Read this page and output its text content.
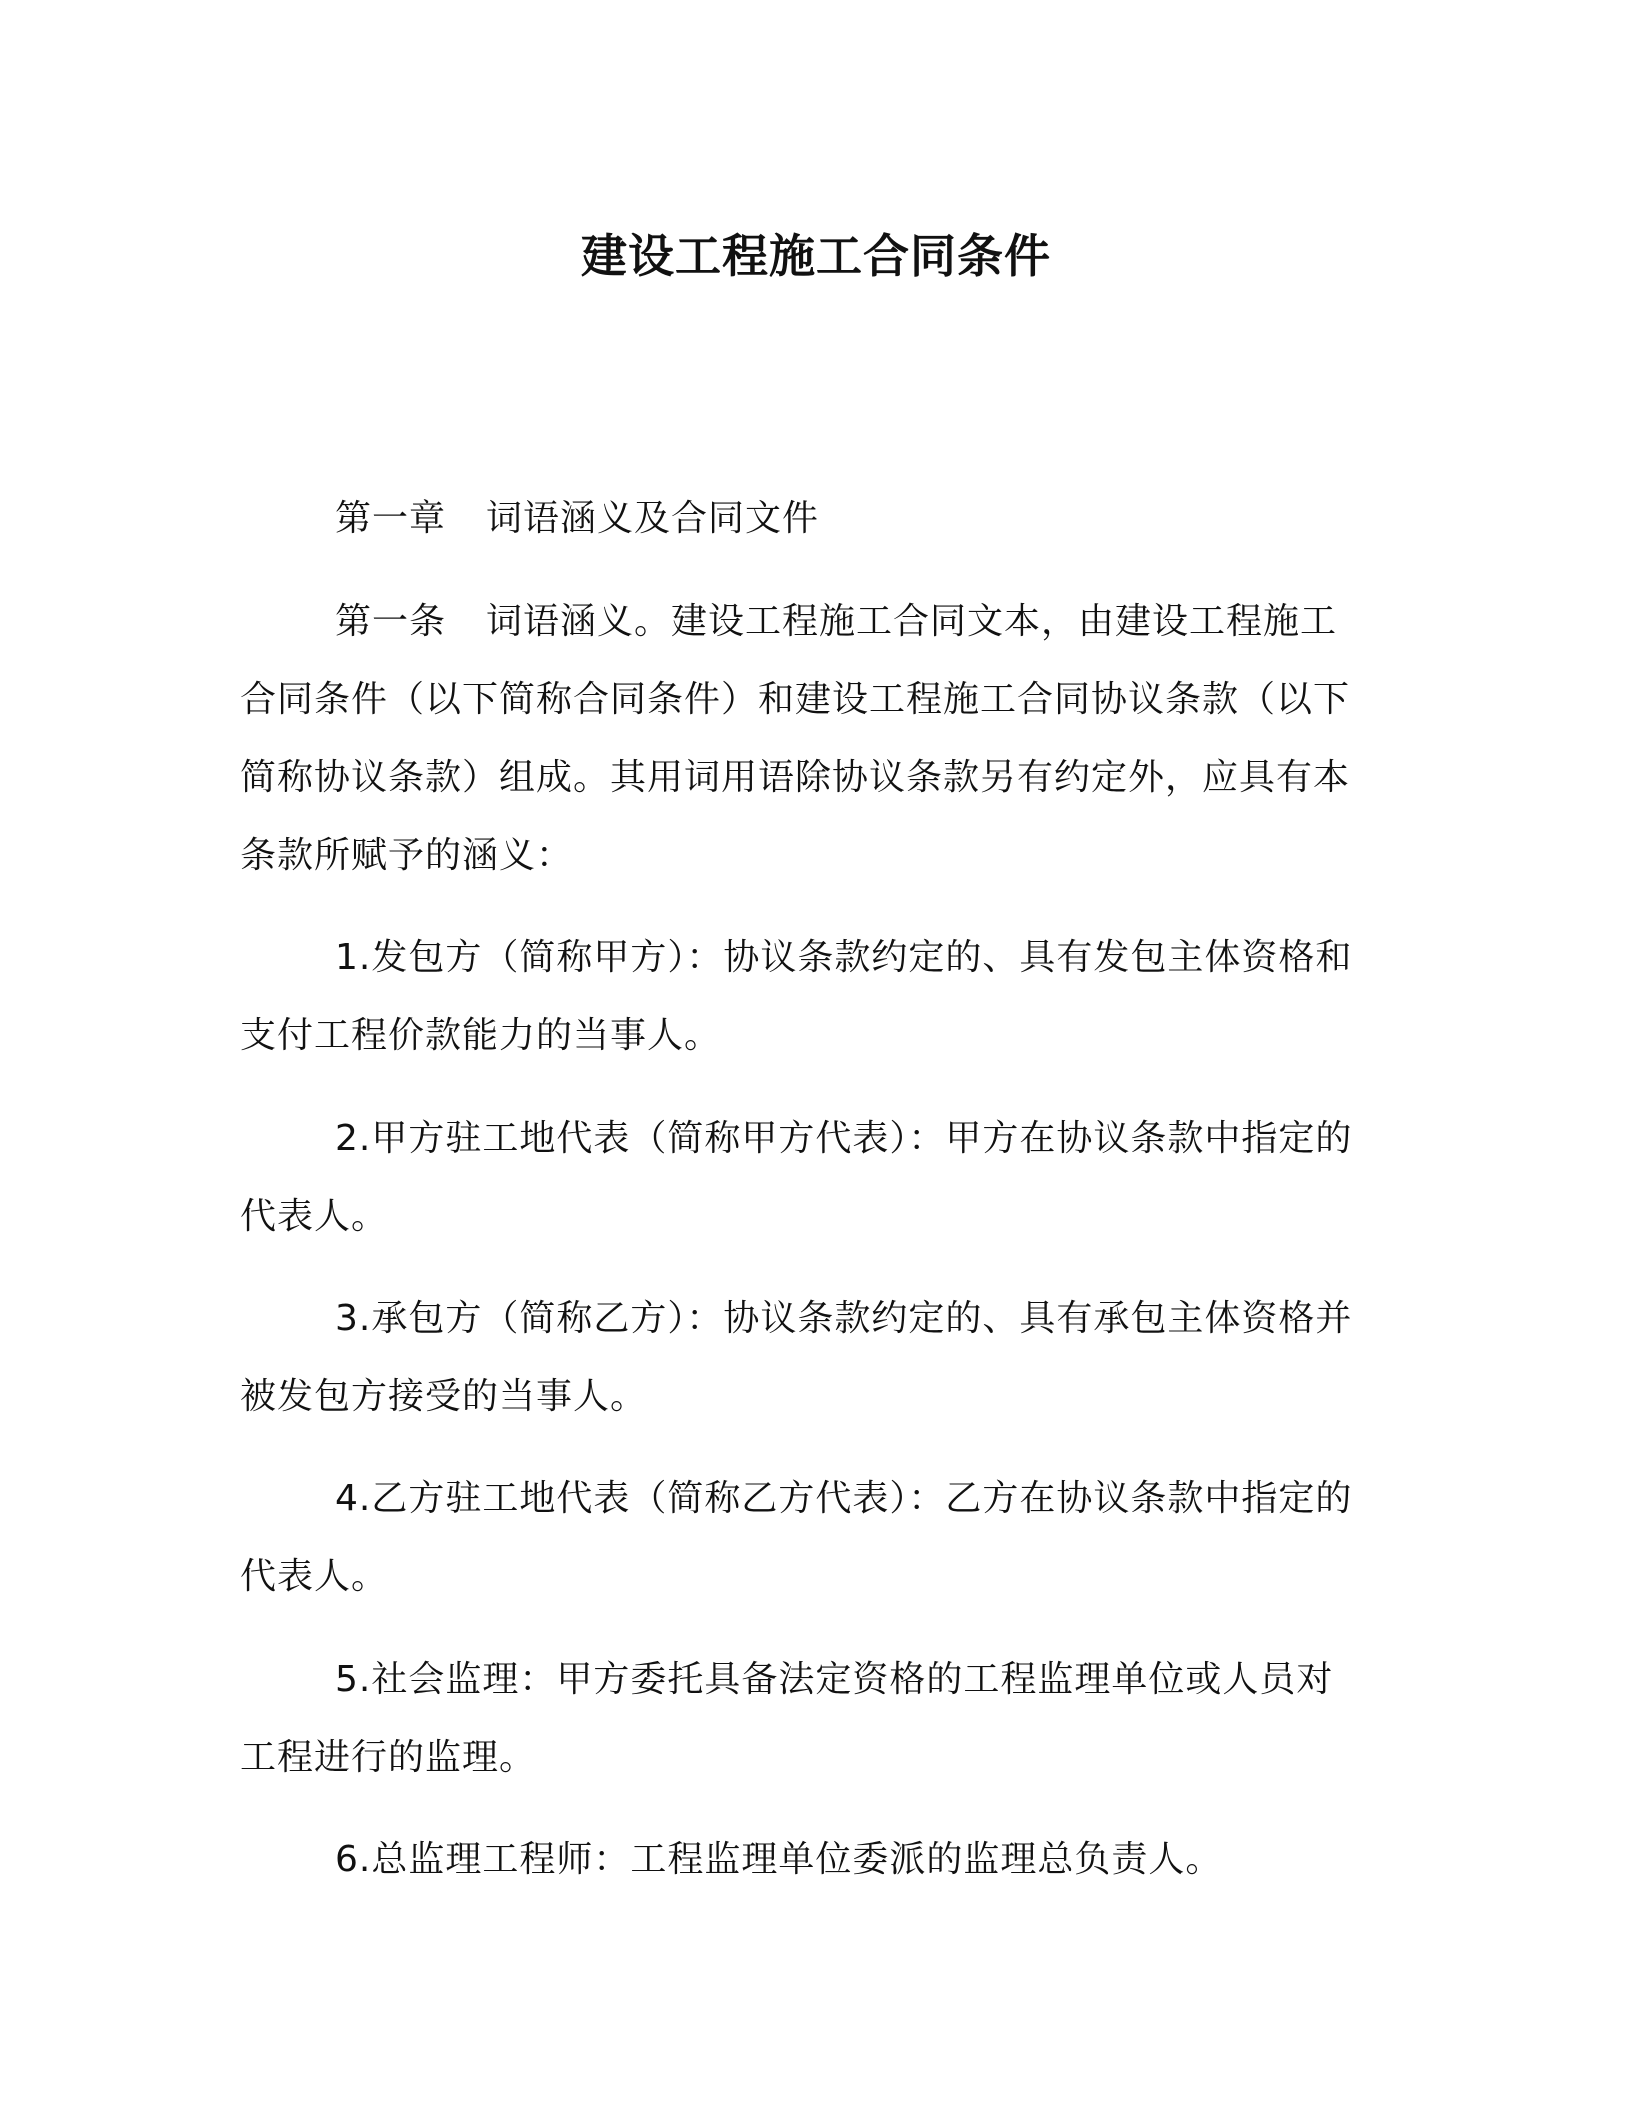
建设工程施工合同条件

第一章 词语涵义及合同文件

第一条 词语涵义。建设工程施工合同文本，由建设工程施工合同条件（以下简称合同条件）和建设工程施工合同协议条款（以下简称协议条款）组成。其用词用语除协议条款另有约定外，应具有本条款所赋予的涵义：

1.发包方（简称甲方）：协议条款约定的、具有发包主体资格和支付工程价款能力的当事人。

2.甲方驻工地代表（简称甲方代表）：甲方在协议条款中指定的代表人。

3.承包方（简称乙方）：协议条款约定的、具有承包主体资格并被发包方接受的当事人。

4.乙方驻工地代表（简称乙方代表）：乙方在协议条款中指定的代表人。

5.社会监理：甲方委托具备法定资格的工程监理单位或人员对工程进行的监理。

6.总监理工程师：工程监理单位委派的监理总负责人。
